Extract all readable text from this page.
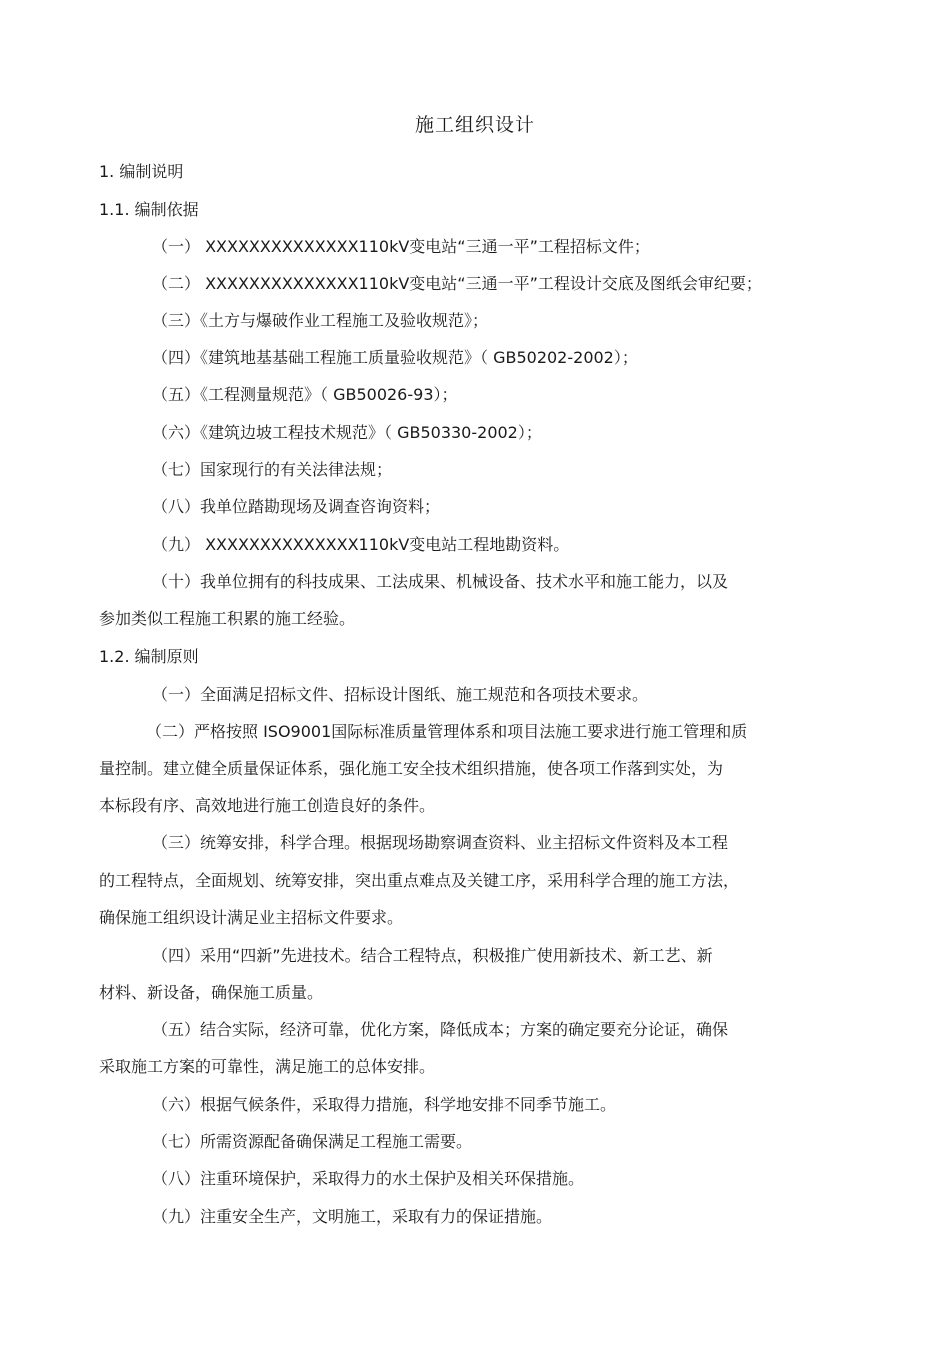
施工组织设计
1. 编制说明
1.1. 编制依据
（一） XXXXXXXXXXXXXX110kV变电站“三通一平”工程招标文件；
（二） XXXXXXXXXXXXXX110kV变电站“三通一平”工程设计交底及图纸会审纪要；
（三）《土方与爆破作业工程施工及验收规范》；
（四）《建筑地基基础工程施工质量验收规范》（ GB50202-2002）；
（五）《工程测量规范》（ GB50026-93）；
（六）《建筑边坡工程技术规范》（ GB50330-2002）；
（七）国家现行的有关法律法规；
（八）我单位踏勘现场及调查咨询资料；
（九） XXXXXXXXXXXXXX110kV变电站工程地勘资料。
（十）我单位拥有的科技成果、工法成果、机械设备、技术水平和施工能力，以及
参加类似工程施工积累的施工经验。
1.2. 编制原则
（一）全面满足招标文件、招标设计图纸、施工规范和各项技术要求。
（二）严格按照 ISO9001国际标准质量管理体系和项目法施工要求进行施工管理和质
量控制。建立健全质量保证体系，强化施工安全技术组织措施，使各项工作落到实处，为
本标段有序、高效地进行施工创造良好的条件。
（三）统筹安排，科学合理。根据现场勘察调查资料、业主招标文件资料及本工程
的工程特点，全面规划、统筹安排，突出重点难点及关键工序，采用科学合理的施工方法，
确保施工组织设计满足业主招标文件要求。
（四）采用“四新”先进技术。结合工程特点，积极推广使用新技术、新工艺、新
材料、新设备，确保施工质量。
（五）结合实际，经济可靠，优化方案，降低成本；方案的确定要充分论证，确保
采取施工方案的可靠性，满足施工的总体安排。
（六）根据气候条件，采取得力措施，科学地安排不同季节施工。
（七）所需资源配备确保满足工程施工需要。
（八）注重环境保护，采取得力的水土保护及相关环保措施。
（九）注重安全生产，文明施工，采取有力的保证措施。
